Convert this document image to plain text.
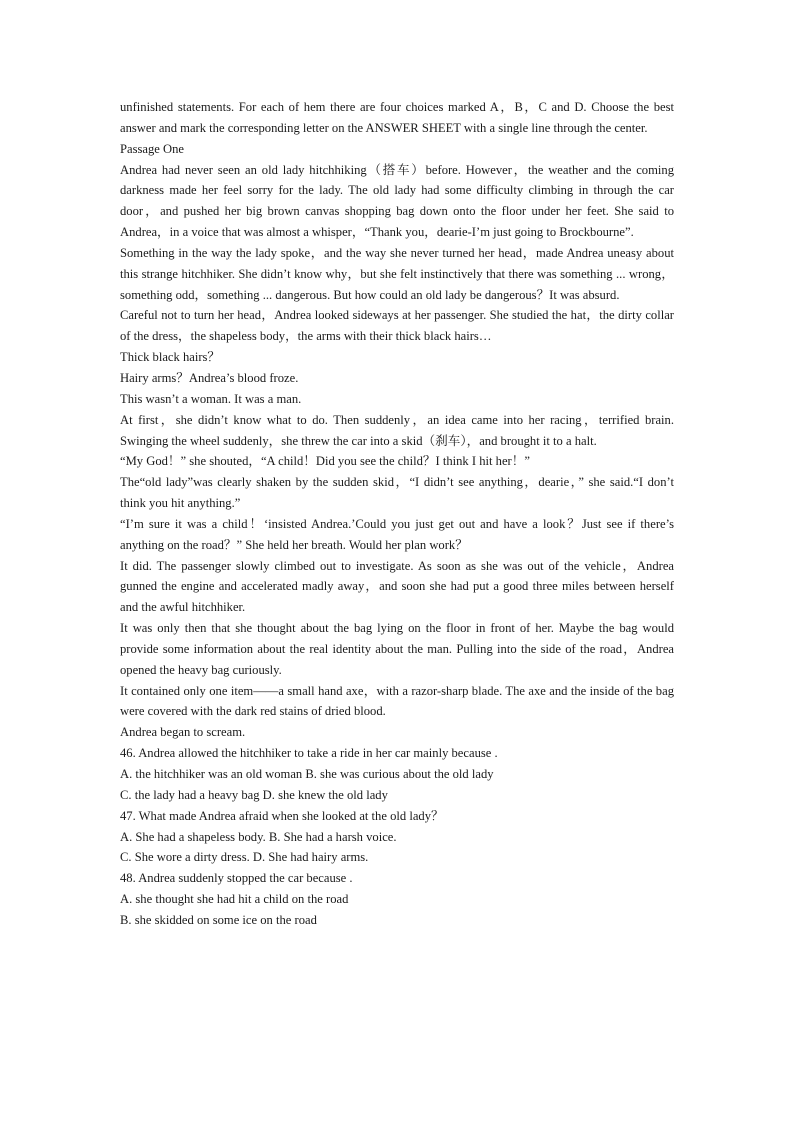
unfinished statements. For each of hem there are four choices marked A，B，C and D. Choose the best answer and mark the corresponding letter on the ANSWER SHEET with a single line through the center.

Passage One

Andrea had never seen an old lady hitchhiking（搭车）before. However，the weather and the coming darkness made her feel sorry for the lady. The old lady had some difficulty climbing in through the car door，and pushed her big brown canvas shopping bag down onto the floor under her feet. She said to Andrea，in a voice that was almost a whisper，“Thank you，dearie-I’m just going to Brockbourne”.

Something in the way the lady spoke，and the way she never turned her head，made Andrea uneasy about this strange hitchhiker. She didn’t know why，but she felt instinctively that there was something ... wrong，something odd，something ... dangerous. But how could an old lady be dangerous？It was absurd.

Careful not to turn her head，Andrea looked sideways at her passenger. She studied the hat，the dirty collar of the dress，the shapeless body，the arms with their thick black hairs…

Thick black hairs？

Hairy arms？Andrea’s blood froze.

This wasn’t a woman. It was a man.

At first，she didn’t know what to do. Then suddenly，an idea came into her racing，terrified brain. Swinging the wheel suddenly，she threw the car into a skid（刹车），and brought it to a halt.

“My God！” she shouted，“A child！Did you see the child？I think I hit her！”

The“old lady”was clearly shaken by the sudden skid，“I didn’t see anything，dearie，” she said.“I don’t think you hit anything.”

“I’m sure it was a child！‘insisted Andrea.’Could you just get out and have a look？Just see if there’s anything on the road？” She held her breath. Would her plan work？

It did. The passenger slowly climbed out to investigate. As soon as she was out of the vehicle，Andrea gunned the engine and accelerated madly away，and soon she had put a good three miles between herself and the awful hitchhiker.

It was only then that she thought about the bag lying on the floor in front of her. Maybe the bag would provide some information about the real identity about the man. Pulling into the side of the road，Andrea opened the heavy bag curiously.

It contained only one item——a small hand axe，with a razor-sharp blade. The axe and the inside of the bag were covered with the dark red stains of dried blood.

Andrea began to scream.

46. Andrea allowed the hitchhiker to take a ride in her car mainly because .

A. the hitchhiker was an old woman B. she was curious about the old lady

C. the lady had a heavy bag D. she knew the old lady

47. What made Andrea afraid when she looked at the old lady？

A. She had a shapeless body. B. She had a harsh voice.

C. She wore a dirty dress. D. She had hairy arms.

48. Andrea suddenly stopped the car because .

A. she thought she had hit a child on the road

B. she skidded on some ice on the road
